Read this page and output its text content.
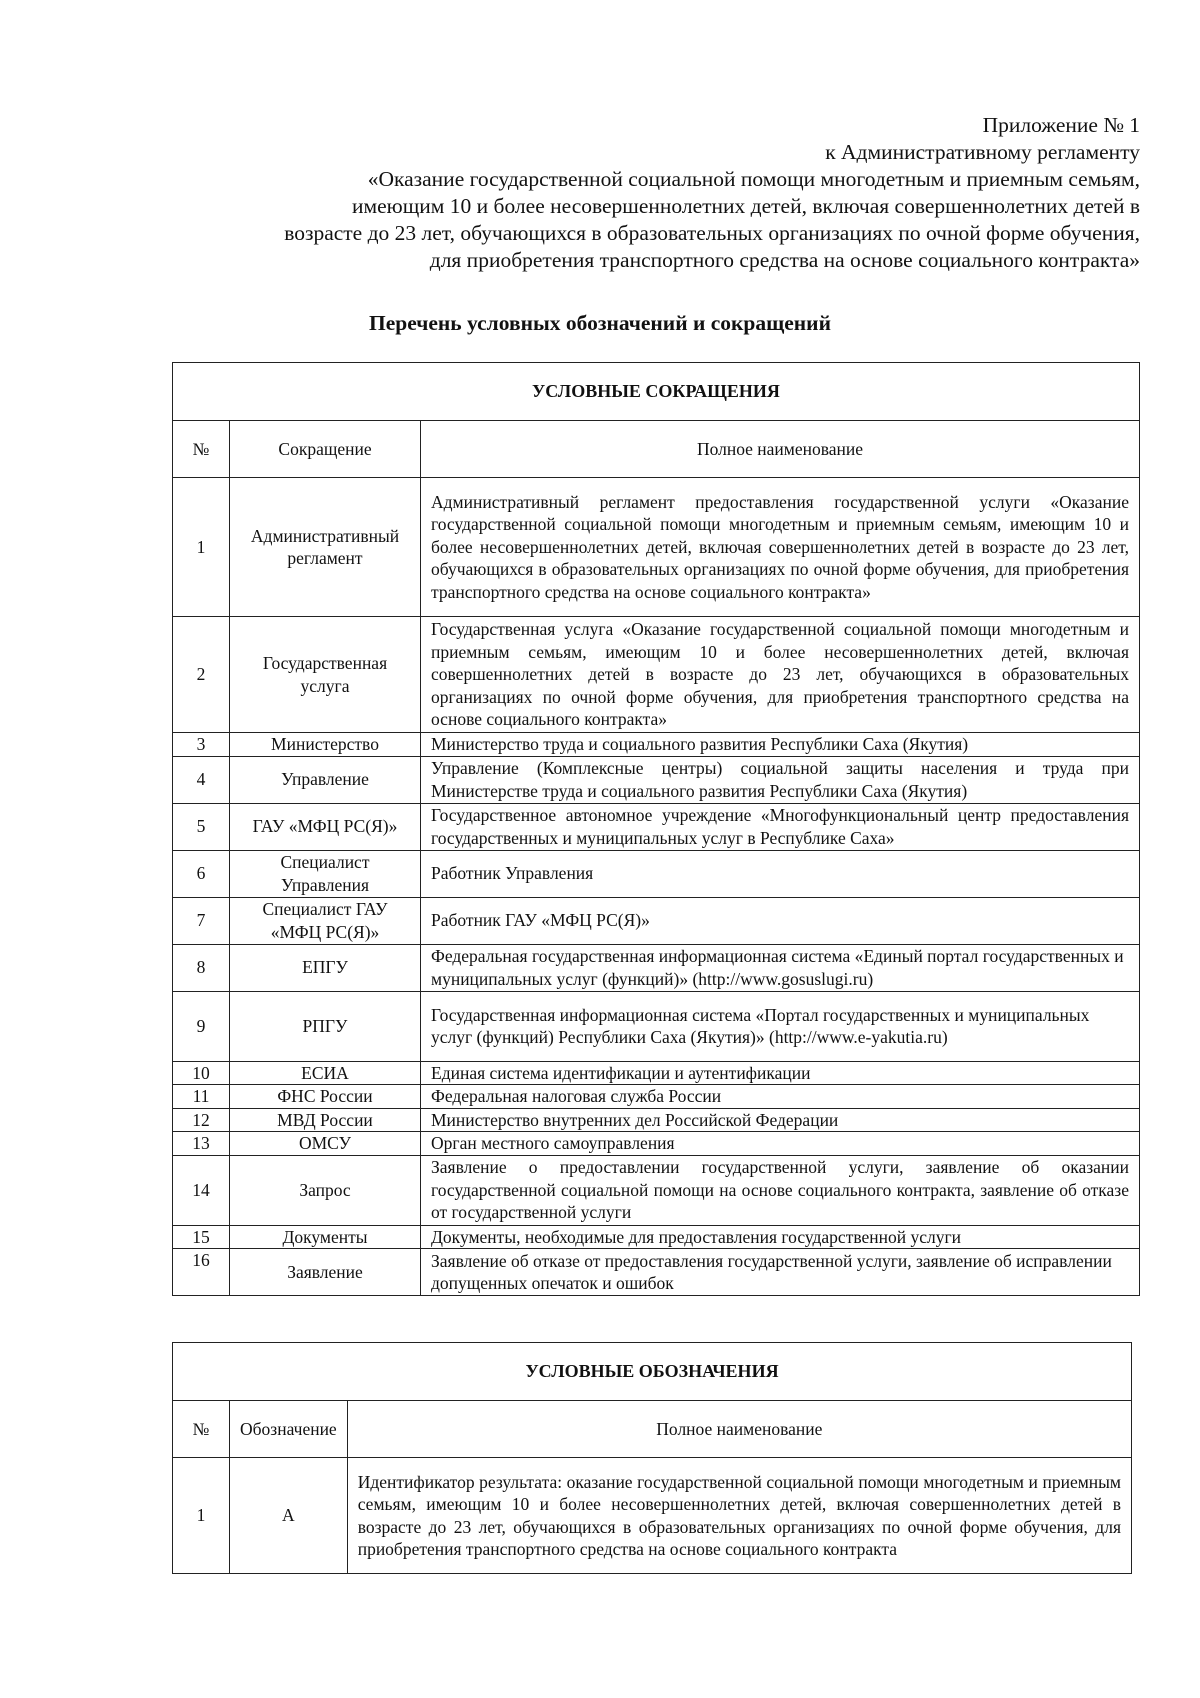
Приложение № 1
к Административному регламенту
«Оказание государственной социальной помощи многодетным и приемным семьям,
имеющим 10 и более несовершеннолетних детей, включая совершеннолетних детей в
возрасте до 23 лет, обучающихся в образовательных организациях по очной форме обучения,
для приобретения транспортного средства на основе социального контракта»
Перечень условных обозначений и сокращений
УСЛОВНЫЕ СОКРАЩЕНИЯ		
№	Сокращение	Полное наименование
1	Административный регламент	Административный регламент предоставления государственной услуги «Оказание государственной социальной помощи многодетным и приемным семьям, имеющим 10 и более несовершеннолетних детей, включая совершеннолетних детей в возрасте до 23 лет, обучающихся в образовательных организациях по очной форме обучения, для приобретения транспортного средства на основе социального контракта»
2	Государственная услуга	Государственная услуга «Оказание государственной социальной помощи многодетным и приемным семьям, имеющим 10 и более несовершеннолетних детей, включая совершеннолетних детей в возрасте до 23 лет, обучающихся в образовательных организациях по очной форме обучения, для приобретения транспортного средства на основе социального контракта»
3	Министерство	Министерство труда и социального развития Республики Саха (Якутия)
4	Управление	Управление (Комплексные центры) социальной защиты населения и труда при Министерстве труда и социального развития Республики Саха (Якутия)
5	ГАУ «МФЦ РС(Я)»	Государственное автономное учреждение «Многофункциональный центр предоставления государственных и муниципальных услуг в Республике Саха»
6	Специалист Управления	Работник Управления
7	Специалист ГАУ «МФЦ РС(Я)»	Работник ГАУ «МФЦ РС(Я)»
8	ЕПГУ	Федеральная государственная информационная система «Единый портал государственных и муниципальных услуг (функций)» (http://www.gosuslugi.ru)
9	РПГУ	Государственная информационная система «Портал государственных и муниципальных услуг (функций) Республики Саха (Якутия)» (http://www.e-yakutia.ru)
10	ЕСИА	Единая система идентификации и аутентификации
11	ФНС России	Федеральная налоговая служба России
12	МВД России	Министерство внутренних дел Российской Федерации
13	ОМСУ	Орган местного самоуправления
14	Запрос	Заявление о предоставлении государственной услуги, заявление об оказании государственной социальной помощи на основе социального контракта, заявление об отказе от государственной услуги
15	Документы	Документы, необходимые для предоставления государственной услуги
16	Заявление	Заявление об отказе от предоставления государственной услуги, заявление об исправлении допущенных опечаток и ошибок
УСЛОВНЫЕ ОБОЗНАЧЕНИЯ		
№	Обозначение	Полное наименование
1	А	Идентификатор результата: оказание государственной социальной помощи многодетным и приемным семьям, имеющим 10 и более несовершеннолетних детей, включая совершеннолетних детей в возрасте до 23 лет, обучающихся в образовательных организациях по очной форме обучения, для приобретения транспортного средства на основе социального контракта
